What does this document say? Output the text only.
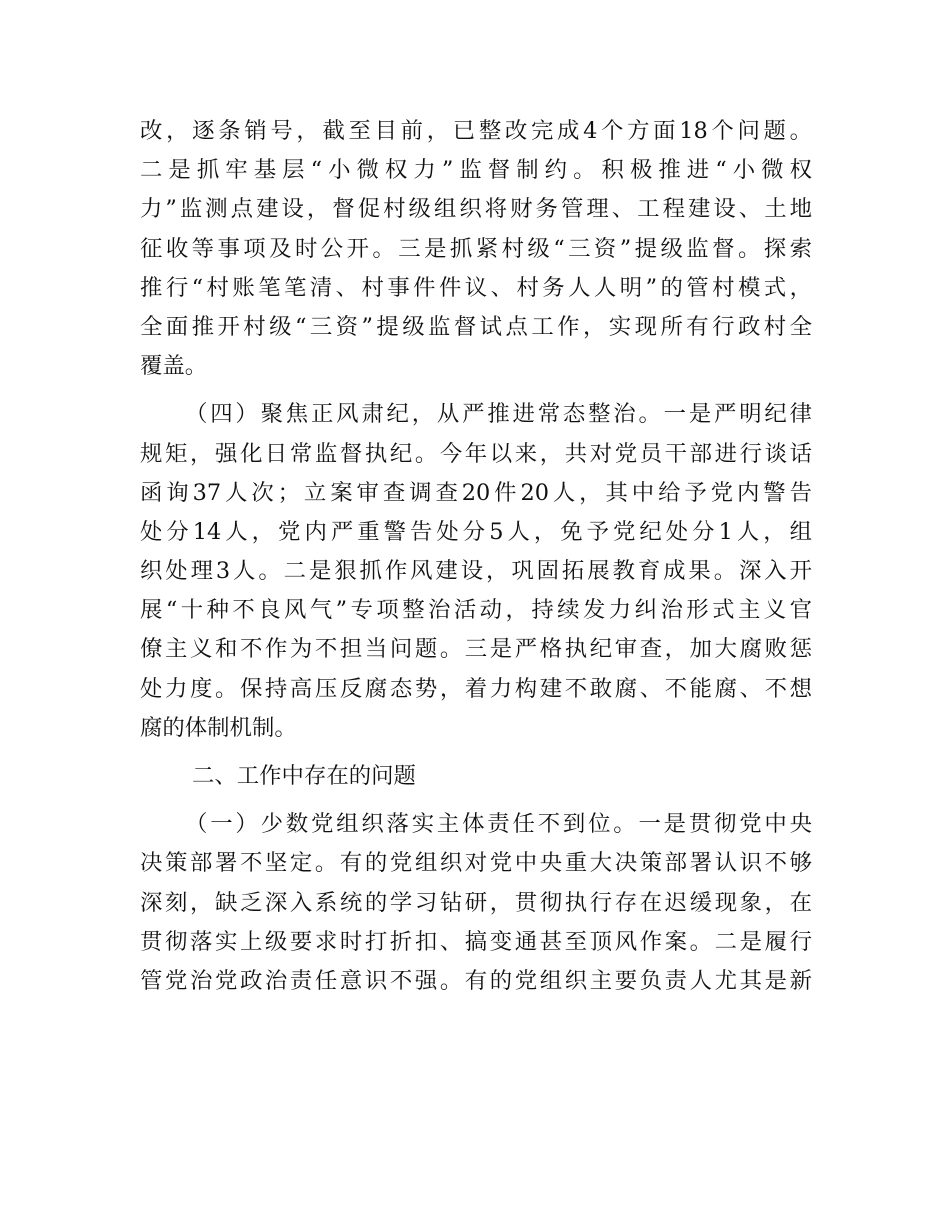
改，逐条销号，截至目前，已整改完成4个方面18个问题。
二是抓牢基层“小微权力”监督制约。积极推进“小微权
力”监测点建设，督促村级组织将财务管理、工程建设、土地
征收等事项及时公开。三是抓紧村级“三资”提级监督。探索
推行“村账笔笔清、村事件件议、村务人人明”的管村模式，
全面推开村级“三资”提级监督试点工作，实现所有行政村全
覆盖。
（四）聚焦正风肃纪，从严推进常态整治。一是严明纪律
规矩，强化日常监督执纪。今年以来，共对党员干部进行谈话
函询37人次；立案审查调查20件20人，其中给予党内警告
处分14人，党内严重警告处分5人，免予党纪处分1人，组
织处理3人。二是狠抓作风建设，巩固拓展教育成果。深入开
展“十种不良风气”专项整治活动，持续发力纠治形式主义官
僚主义和不作为不担当问题。三是严格执纪审查，加大腐败惩
处力度。保持高压反腐态势，着力构建不敢腐、不能腐、不想
腐的体制机制。
二、工作中存在的问题
（一）少数党组织落实主体责任不到位。一是贯彻党中央
决策部署不坚定。有的党组织对党中央重大决策部署认识不够
深刻，缺乏深入系统的学习钻研，贯彻执行存在迟缓现象，在
贯彻落实上级要求时打折扣、搞变通甚至顶风作案。二是履行
管党治党政治责任意识不强。有的党组织主要负责人尤其是新
